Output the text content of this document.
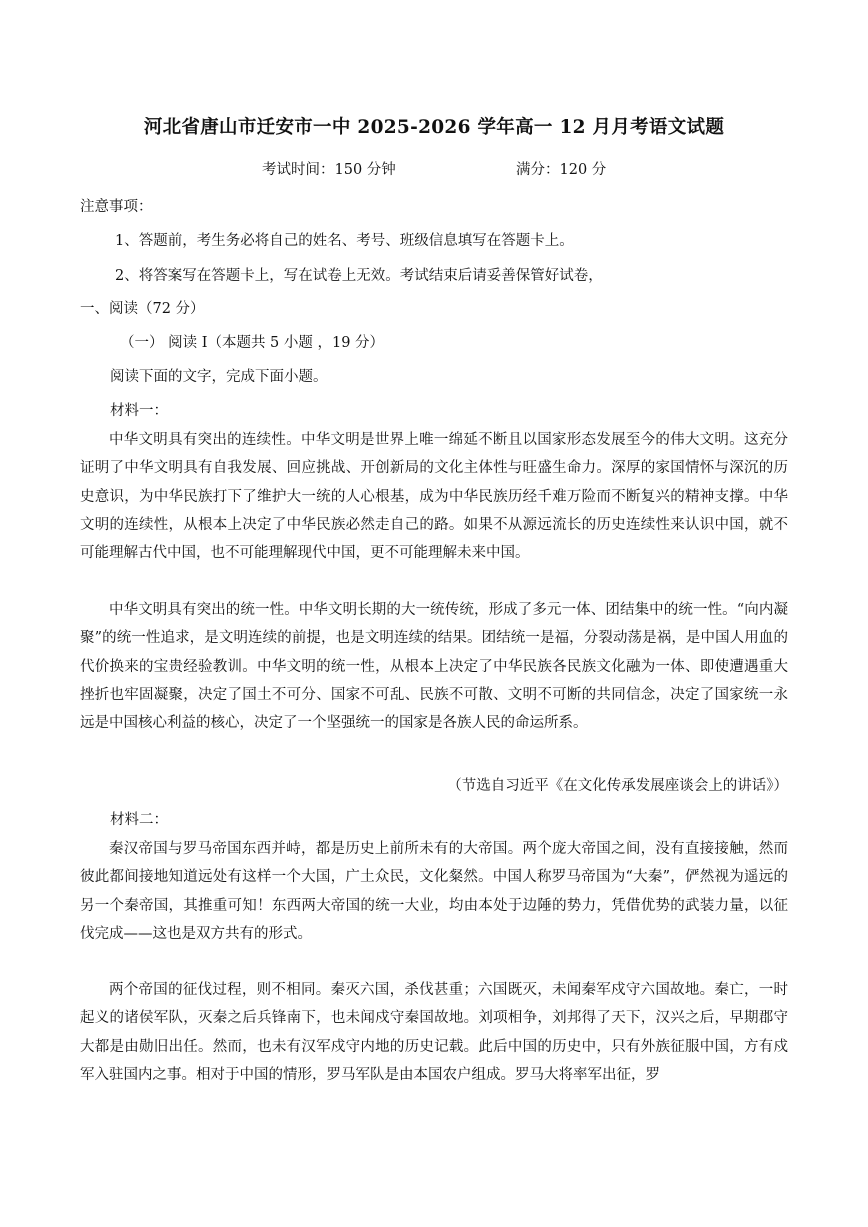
河北省唐山市迁安市一中 2025-2026 学年高一 12 月月考语文试题
考试时间：150 分钟	满分：120 分
注意事项：
1、答题前，考生务必将自己的姓名、考号、班级信息填写在答题卡上。
2、将答案写在答题卡上，写在试卷上无效。考试结束后请妥善保管好试卷，
一、阅读（72 分）
（一） 阅读 I（本题共 5 小题 ，19 分）
阅读下面的文字，完成下面小题。
材料一：
中华文明具有突出的连续性。中华文明是世界上唯一绵延不断且以国家形态发展至今的伟大文明。这充分证明了中华文明具有自我发展、回应挑战、开创新局的文化主体性与旺盛生命力。深厚的家国情怀与深沉的历史意识，为中华民族打下了维护大一统的人心根基，成为中华民族历经千难万险而不断复兴的精神支撑。中华文明的连续性，从根本上决定了中华民族必然走自己的路。如果不从源远流长的历史连续性来认识中国，就不可能理解古代中国，也不可能理解现代中国，更不可能理解未来中国。
中华文明具有突出的统一性。中华文明长期的大一统传统，形成了多元一体、团结集中的统一性。“向内凝聚”的统一性追求，是文明连续的前提，也是文明连续的结果。团结统一是福，分裂动荡是祸，是中国人用血的代价换来的宝贵经验教训。中华文明的统一性，从根本上决定了中华民族各民族文化融为一体、即使遭遇重大挫折也牢固凝聚，决定了国土不可分、国家不可乱、民族不可散、文明不可断的共同信念，决定了国家统一永远是中国核心利益的核心，决定了一个坚强统一的国家是各族人民的命运所系。
（节选自习近平《在文化传承发展座谈会上的讲话》）
材料二：
秦汉帝国与罗马帝国东西并峙，都是历史上前所未有的大帝国。两个庞大帝国之间，没有直接接触，然而彼此都间接地知道远处有这样一个大国，广土众民，文化粲然。中国人称罗马帝国为“大秦”，俨然视为遥远的另一个秦帝国，其推重可知！东西两大帝国的统一大业，均由本处于边陲的势力，凭借优势的武装力量，以征伐完成——这也是双方共有的形式。
两个帝国的征伐过程，则不相同。秦灭六国，杀伐甚重；六国既灭，未闻秦军戍守六国故地。秦亡，一时起义的诸侯军队，灭秦之后兵锋南下，也未闻戍守秦国故地。刘项相争，刘邦得了天下，汉兴之后，早期郡守大都是由勋旧出任。然而，也未有汉军戍守内地的历史记载。此后中国的历史中，只有外族征服中国，方有戍军入驻国内之事。相对于中国的情形，罗马军队是由本国农户组成。罗马大将率军出征，罗
